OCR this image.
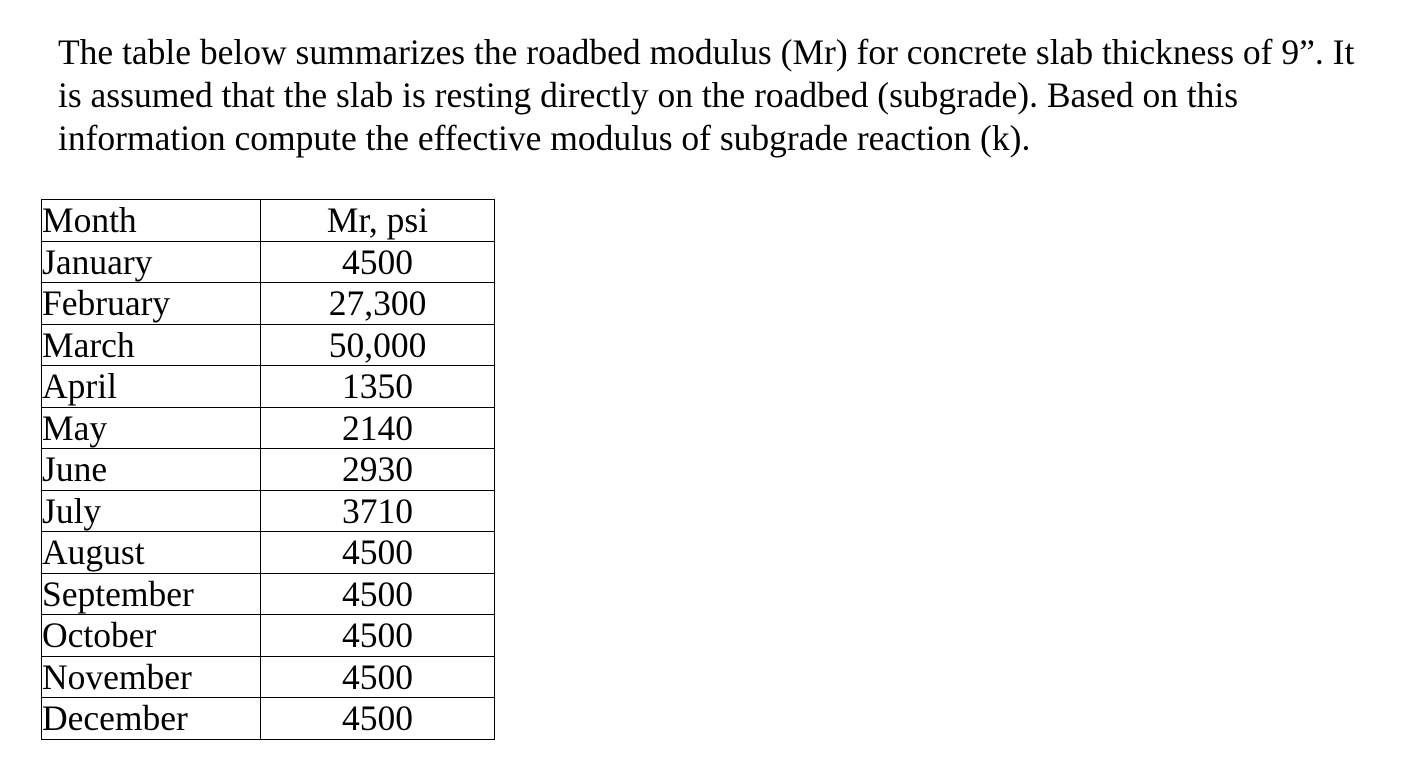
The table below summarizes the roadbed modulus (Mr) for concrete slab thickness of 9”. It
is assumed that the slab is resting directly on the roadbed (subgrade). Based on this
information compute the effective modulus of subgrade reaction (k).

Month	Mr, psi
January	4500
February	27,300
March	50,000
April	1350
May	2140
June	2930
July	3710
August	4500
September	4500
October	4500
November	4500
December	4500
